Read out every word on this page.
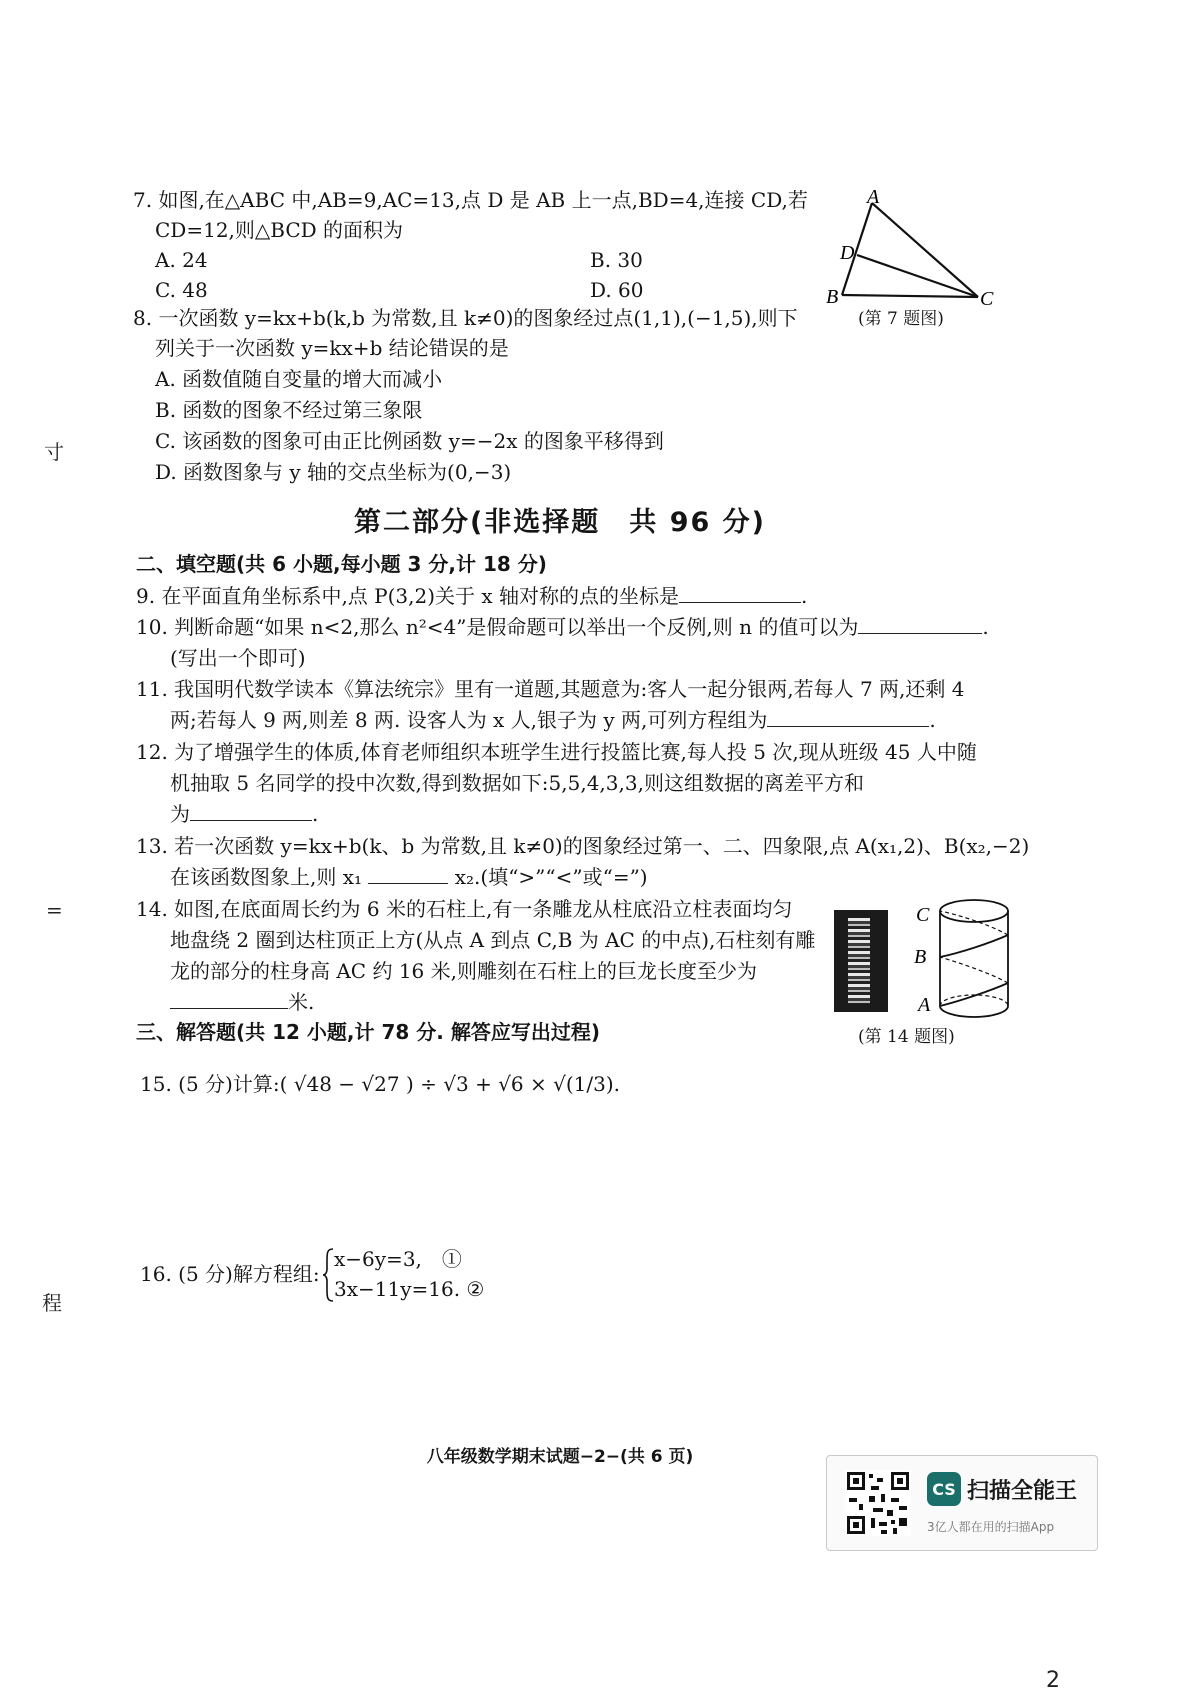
7. 如图,在△ABC 中,AB=9,AC=13,点 D 是 AB 上一点,BD=4,连接 CD,若
CD=12,则△BCD 的面积为
A. 24	B. 30
C. 48	D. 60
A
D
B	C
(第 7 题图)
8. 一次函数 y=kx+b(k,b 为常数,且 k≠0)的图象经过点(1,1),(−1,5),则下
列关于一次函数 y=kx+b 结论错误的是
A. 函数值随自变量的增大而减小
B. 函数的图象不经过第三象限
C. 该函数的图象可由正比例函数 y=−2x 的图象平移得到
D. 函数图象与 y 轴的交点坐标为(0,−3)
寸
=
程
第二部分(非选择题　共 96 分)
二、填空题(共 6 小题,每小题 3 分,计 18 分)
9. 在平面直角坐标系中,点 P(3,2)关于 x 轴对称的点的坐标是	.
10. 判断命题“如果 n<2,那么 n²<4”是假命题可以举出一个反例,则 n 的值可以为	.
(写出一个即可)
11. 我国明代数学读本《算法统宗》里有一道题,其题意为:客人一起分银两,若每人 7 两,还剩 4
两;若每人 9 两,则差 8 两. 设客人为 x 人,银子为 y 两,可列方程组为	.
12. 为了增强学生的体质,体育老师组织本班学生进行投篮比赛,每人投 5 次,现从班级 45 人中随
机抽取 5 名同学的投中次数,得到数据如下:5,5,4,3,3,则这组数据的离差平方和
为	.
13. 若一次函数 y=kx+b(k、b 为常数,且 k≠0)的图象经过第一、二、四象限,点 A(x₁,2)、B(x₂,−2)
在该函数图象上,则 x₁	x₂.(填“>”“<”或“=”)
14. 如图,在底面周长约为 6 米的石柱上,有一条雕龙从柱底沿立柱表面均匀
地盘绕 2 圈到达柱顶正上方(从点 A 到点 C,B 为 AC 的中点),石柱刻有雕
龙的部分的柱身高 AC 约 16 米,则雕刻在石柱上的巨龙长度至少为
米.
C
B
A
(第 14 题图)
三、解答题(共 12 小题,计 78 分. 解答应写出过程)
15. (5 分)计算:( √48 − √27 ) ÷ √3 + √6 × √(1/3).
16. (5 分)解方程组:
x−6y=3,　①
3x−11y=16. ②
八年级数学期末试题−2−(共 6 页)
CS 扫描全能王
3亿人都在用的扫描App
2
